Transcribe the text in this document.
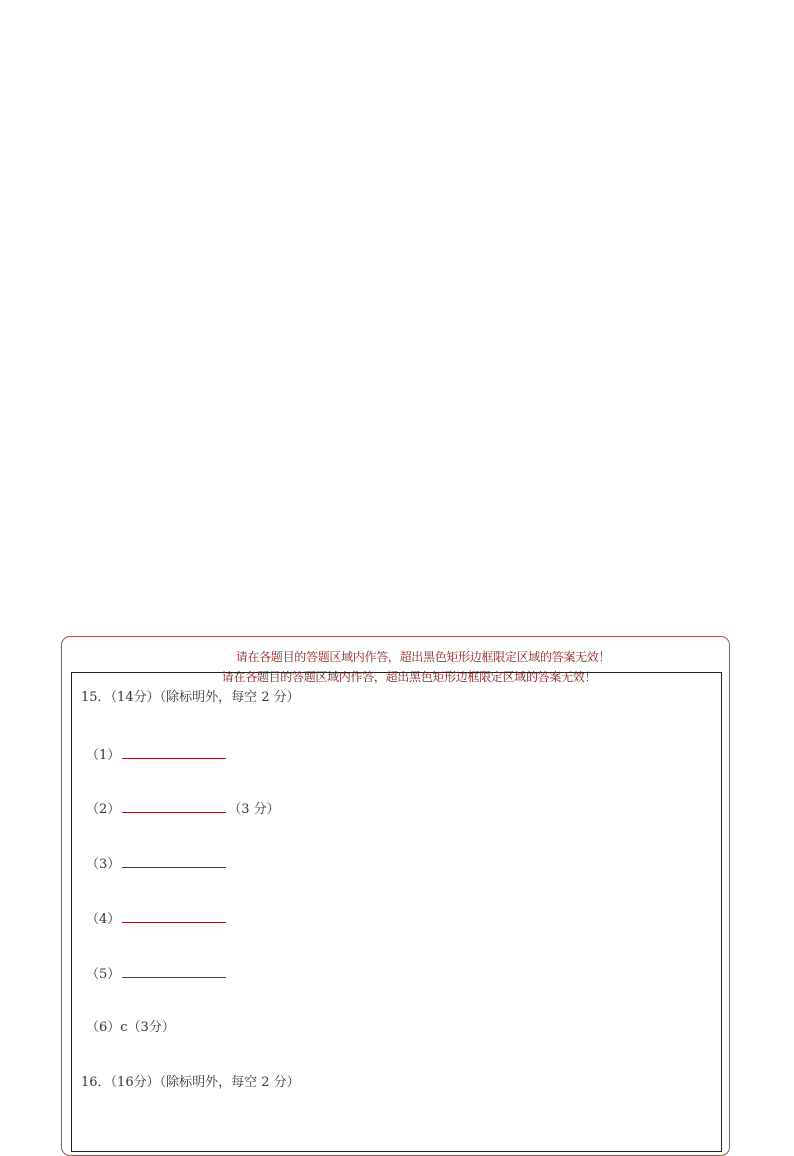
请在各题目的答题区域内作答，超出黑色矩形边框限定区域的答案无效！
请在各题目的答题区域内作答，超出黑色矩形边框限定区域的答案无效！
15．（14分）（除标明外，每空 2 分）
（1）
（2）	（3 分）
（3）
（4）
（5）
（6）c（3分）
16．（16分）（除标明外，每空 2 分）
